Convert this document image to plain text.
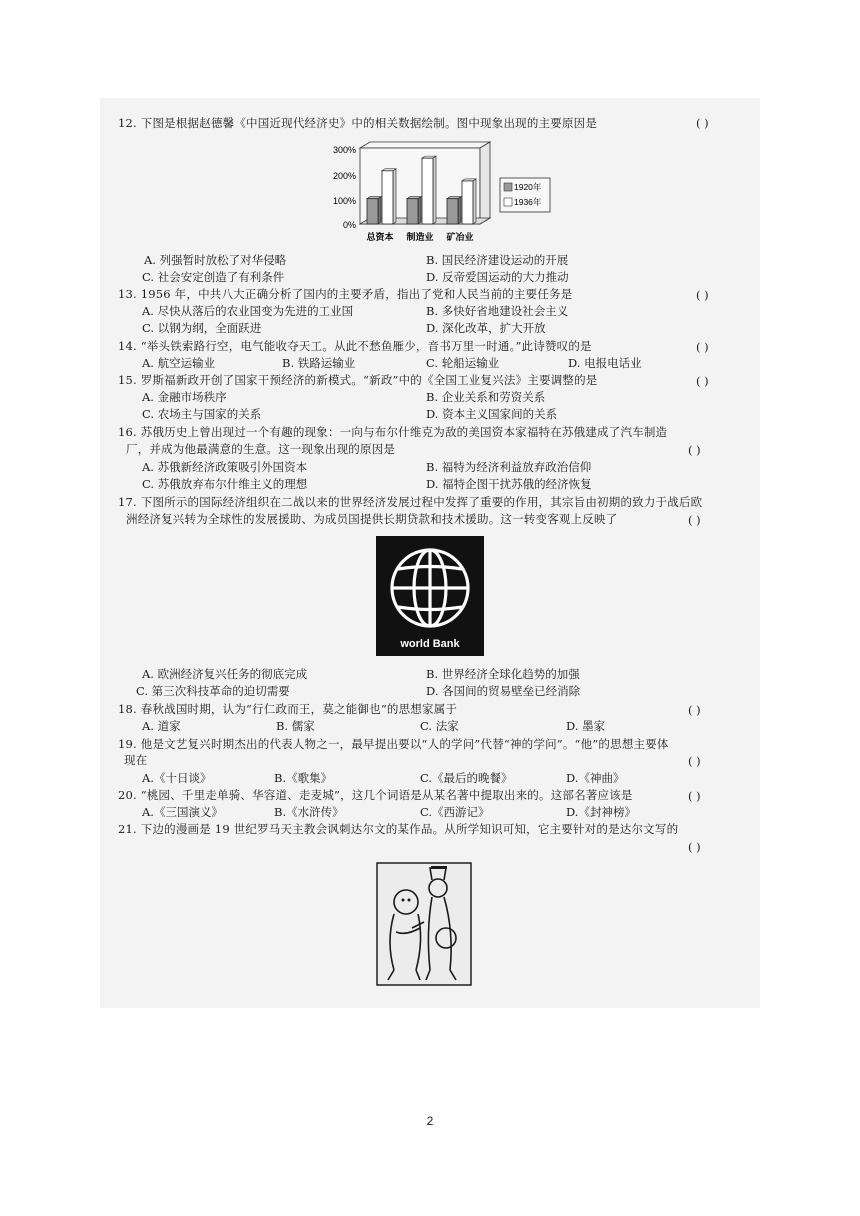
12. 下图是根据赵德馨《中国近现代经济史》中的相关数据绘制。图中现象出现的主要原因是	( )
300%
200%
100%
0%
总资本 制造业 矿冶业
1920年
1936年
A. 列强暂时放松了对华侵略	B. 国民经济建设运动的开展
C. 社会安定创造了有利条件	D. 反帝爱国运动的大力推动
13. 1956 年，中共八大正确分析了国内的主要矛盾，指出了党和人民当前的主要任务是	( )
A. 尽快从落后的农业国变为先进的工业国	B. 多快好省地建设社会主义
C. 以钢为纲，全面跃进	D. 深化改革，扩大开放
14. “举头铁索路行空，电气能收夺天工。从此不愁鱼雁少，音书万里一时通。”此诗赞叹的是	( )
A. 航空运输业	B. 铁路运输业	C. 轮船运输业	D. 电报电话业
15. 罗斯福新政开创了国家干预经济的新模式。“新政”中的《全国工业复兴法》主要调整的是	( )
A. 金融市场秩序	B. 企业关系和劳资关系
C. 农场主与国家的关系	D. 资本主义国家间的关系
16. 苏俄历史上曾出现过一个有趣的现象：一向与布尔什维克为敌的美国资本家福特在苏俄建成了汽车制造
厂，并成为他最满意的生意。这一现象出现的原因是	( )
A. 苏俄新经济政策吸引外国资本	B. 福特为经济利益放弃政治信仰
C. 苏俄放弃布尔什维主义的理想	D. 福特企图干扰苏俄的经济恢复
17. 下图所示的国际经济组织在二战以来的世界经济发展过程中发挥了重要的作用，其宗旨由初期的致力于战后欧
洲经济复兴转为全球性的发展援助、为成员国提供长期贷款和技术援助。这一转变客观上反映了	( )
world Bank
A. 欧洲经济复兴任务的彻底完成	B. 世界经济全球化趋势的加强
C. 第三次科技革命的迫切需要	D. 各国间的贸易壁垒已经消除
18. 春秋战国时期，认为“行仁政而王，莫之能御也”的思想家属于	( )
A. 道家	B. 儒家	C. 法家	D. 墨家
19. 他是文艺复兴时期杰出的代表人物之一，最早提出要以“人的学问”代替“神的学问”。“他”的思想主要体
现在	( )
A.《十日谈》	B.《歌集》	C.《最后的晚餐》	D.《神曲》
20. “桃园、千里走单骑、华容道、走麦城”，这几个词语是从某名著中提取出来的。这部名著应该是	( )
A.《三国演义》	B.《水浒传》	C.《西游记》	D.《封神榜》
21. 下边的漫画是 19 世纪罗马天主教会讽刺达尔文的某作品。从所学知识可知，它主要针对的是达尔文写的
( )
2
